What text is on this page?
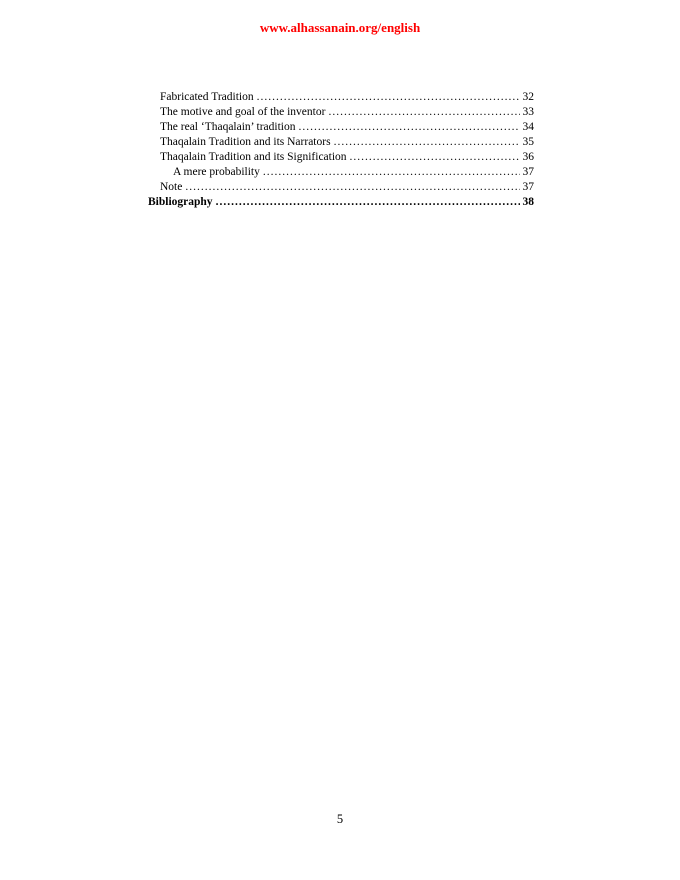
www.alhassanain.org/english
Fabricated Tradition .....	32
The motive and goal of the inventor .....	33
The real ‘Thaqalain’ tradition .....	34
Thaqalain Tradition and its Narrators .....	35
Thaqalain Tradition and its Signification .....	36
A mere probability .....	37
Note .....	37
Bibliography .....	38
5
